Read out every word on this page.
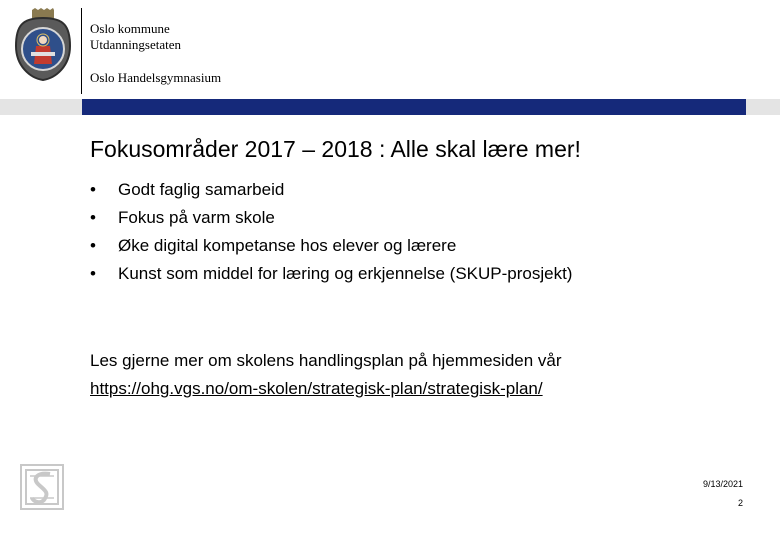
Oslo kommune
Utdanningsetaten
Oslo Handelsgymnasium
Fokusområder 2017 – 2018 : Alle skal lære mer!
• Godt faglig samarbeid
• Fokus på varm skole
• Øke digital kompetanse hos elever og lærere
• Kunst som middel for læring og erkjennelse (SKUP-prosjekt)
Les gjerne mer om skolens handlingsplan på hjemmesiden vår
https://ohg.vgs.no/om-skolen/strategisk-plan/strategisk-plan/
9/13/2021
2
